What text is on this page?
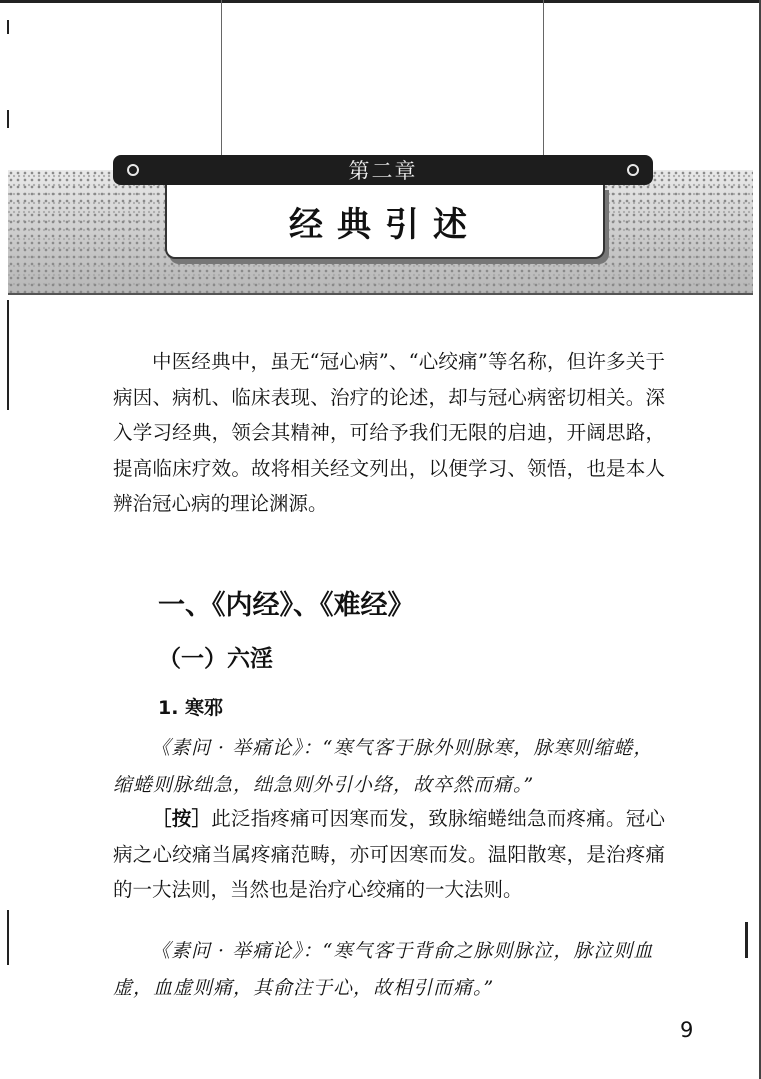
第二章
经典引述

中医经典中，虽无“冠心病”、“心绞痛”等名称，但许多关于病因、病机、临床表现、治疗的论述，却与冠心病密切相关。深入学习经典，领会其精神，可给予我们无限的启迪，开阔思路，提高临床疗效。故将相关经文列出，以便学习、领悟，也是本人辨治冠心病的理论渊源。

一、《内经》、《难经》
（一）六淫
1. 寒邪

《素问 · 举痛论》：“寒气客于脉外则脉寒，脉寒则缩蜷，缩蜷则脉绌急，绌急则外引小络，故卒然而痛。”

［按］此泛指疼痛可因寒而发，致脉缩蜷绌急而疼痛。冠心病之心绞痛当属疼痛范畴，亦可因寒而发。温阳散寒，是治疼痛的一大法则，当然也是治疗心绞痛的一大法则。

《素问 · 举痛论》：“寒气客于背俞之脉则脉泣，脉泣则血虚，血虚则痛，其俞注于心，故相引而痛。”

9
